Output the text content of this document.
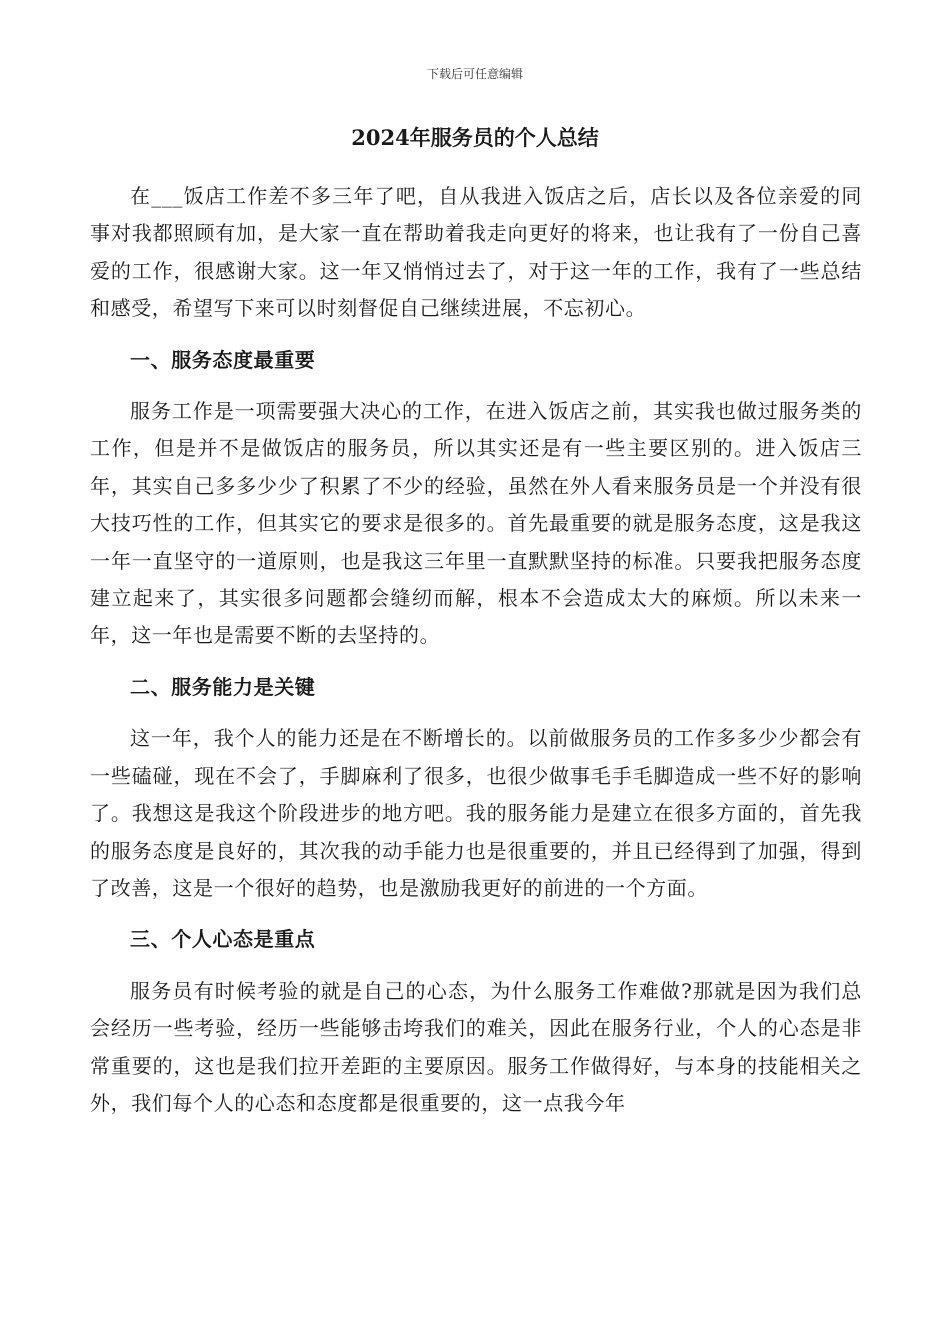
下载后可任意编辑
2024年服务员的个人总结

在___饭店工作差不多三年了吧，自从我进入饭店之后，店长以及各位亲爱的同事对我都照顾有加，是大家一直在帮助着我走向更好的将来，也让我有了一份自己喜爱的工作，很感谢大家。这一年又悄悄过去了，对于这一年的工作，我有了一些总结和感受，希望写下来可以时刻督促自己继续进展，不忘初心。

一、服务态度最重要

服务工作是一项需要强大决心的工作，在进入饭店之前，其实我也做过服务类的工作，但是并不是做饭店的服务员，所以其实还是有一些主要区别的。进入饭店三年，其实自己多多少少了积累了不少的经验，虽然在外人看来服务员是一个并没有很大技巧性的工作，但其实它的要求是很多的。首先最重要的就是服务态度，这是我这一年一直坚守的一道原则，也是我这三年里一直默默坚持的标准。只要我把服务态度建立起来了，其实很多问题都会缝纫而解，根本不会造成太大的麻烦。所以未来一年，这一年也是需要不断的去坚持的。

二、服务能力是关键

这一年，我个人的能力还是在不断增长的。以前做服务员的工作多多少少都会有一些磕碰，现在不会了，手脚麻利了很多，也很少做事毛手毛脚造成一些不好的影响了。我想这是我这个阶段进步的地方吧。我的服务能力是建立在很多方面的，首先我的服务态度是良好的，其次我的动手能力也是很重要的，并且已经得到了加强，得到了改善，这是一个很好的趋势，也是激励我更好的前进的一个方面。

三、个人心态是重点

服务员有时候考验的就是自己的心态，为什么服务工作难做?那就是因为我们总会经历一些考验，经历一些能够击垮我们的难关，因此在服务行业，个人的心态是非常重要的，这也是我们拉开差距的主要原因。服务工作做得好，与本身的技能相关之外，我们每个人的心态和态度都是很重要的，这一点我今年
